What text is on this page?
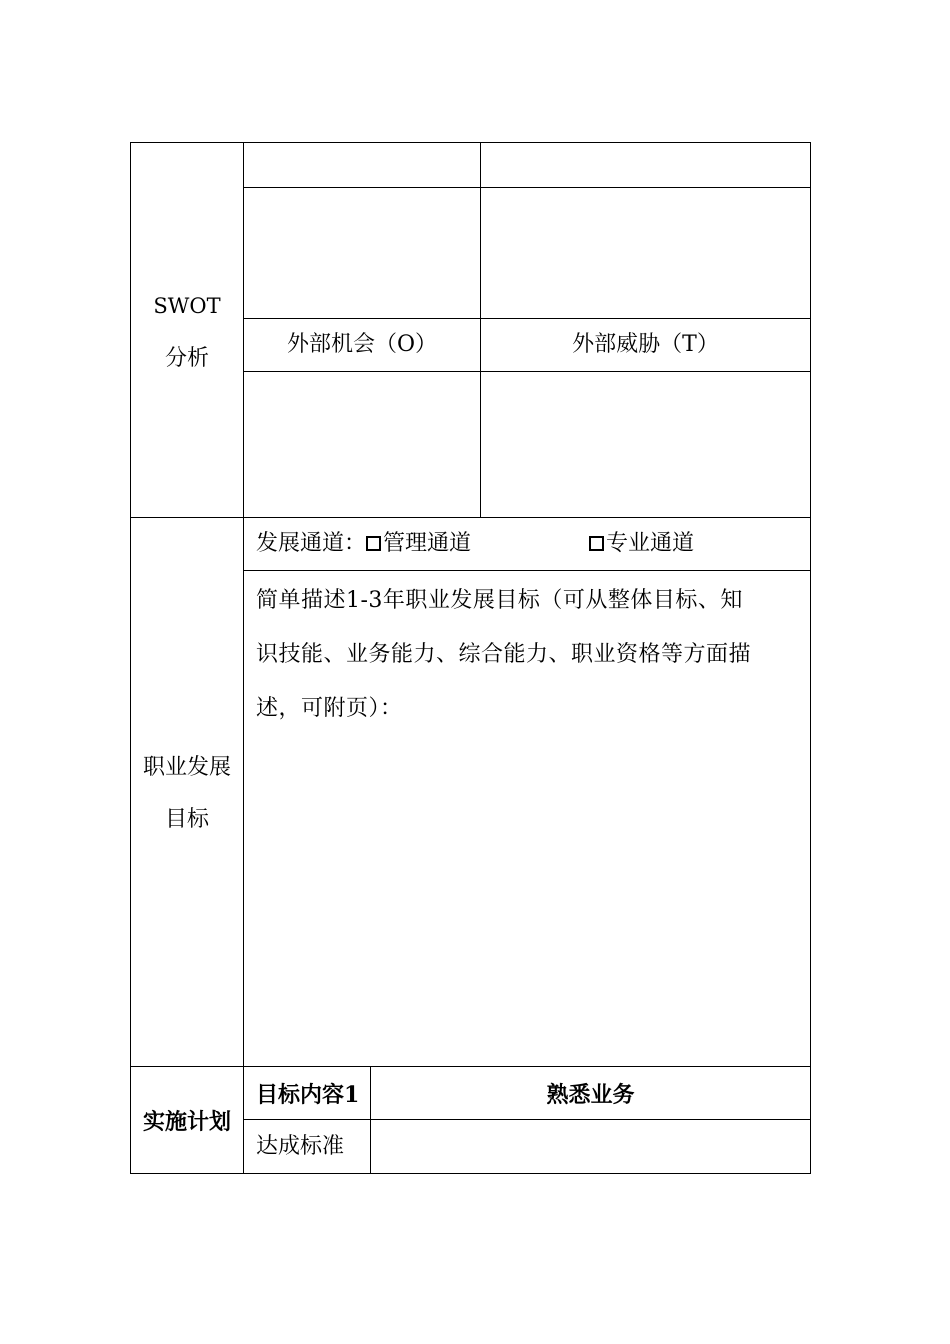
SWOT
分析
外部机会（O）	外部威胁（T）
职业发展
目标
发展通道： 管理通道	专业通道
简单描述1-3年职业发展目标（可从整体目标、知
识技能、业务能力、综合能力、职业资格等方面描
述，可附页）：
实施计划
目标内容1	熟悉业务
达成标准
